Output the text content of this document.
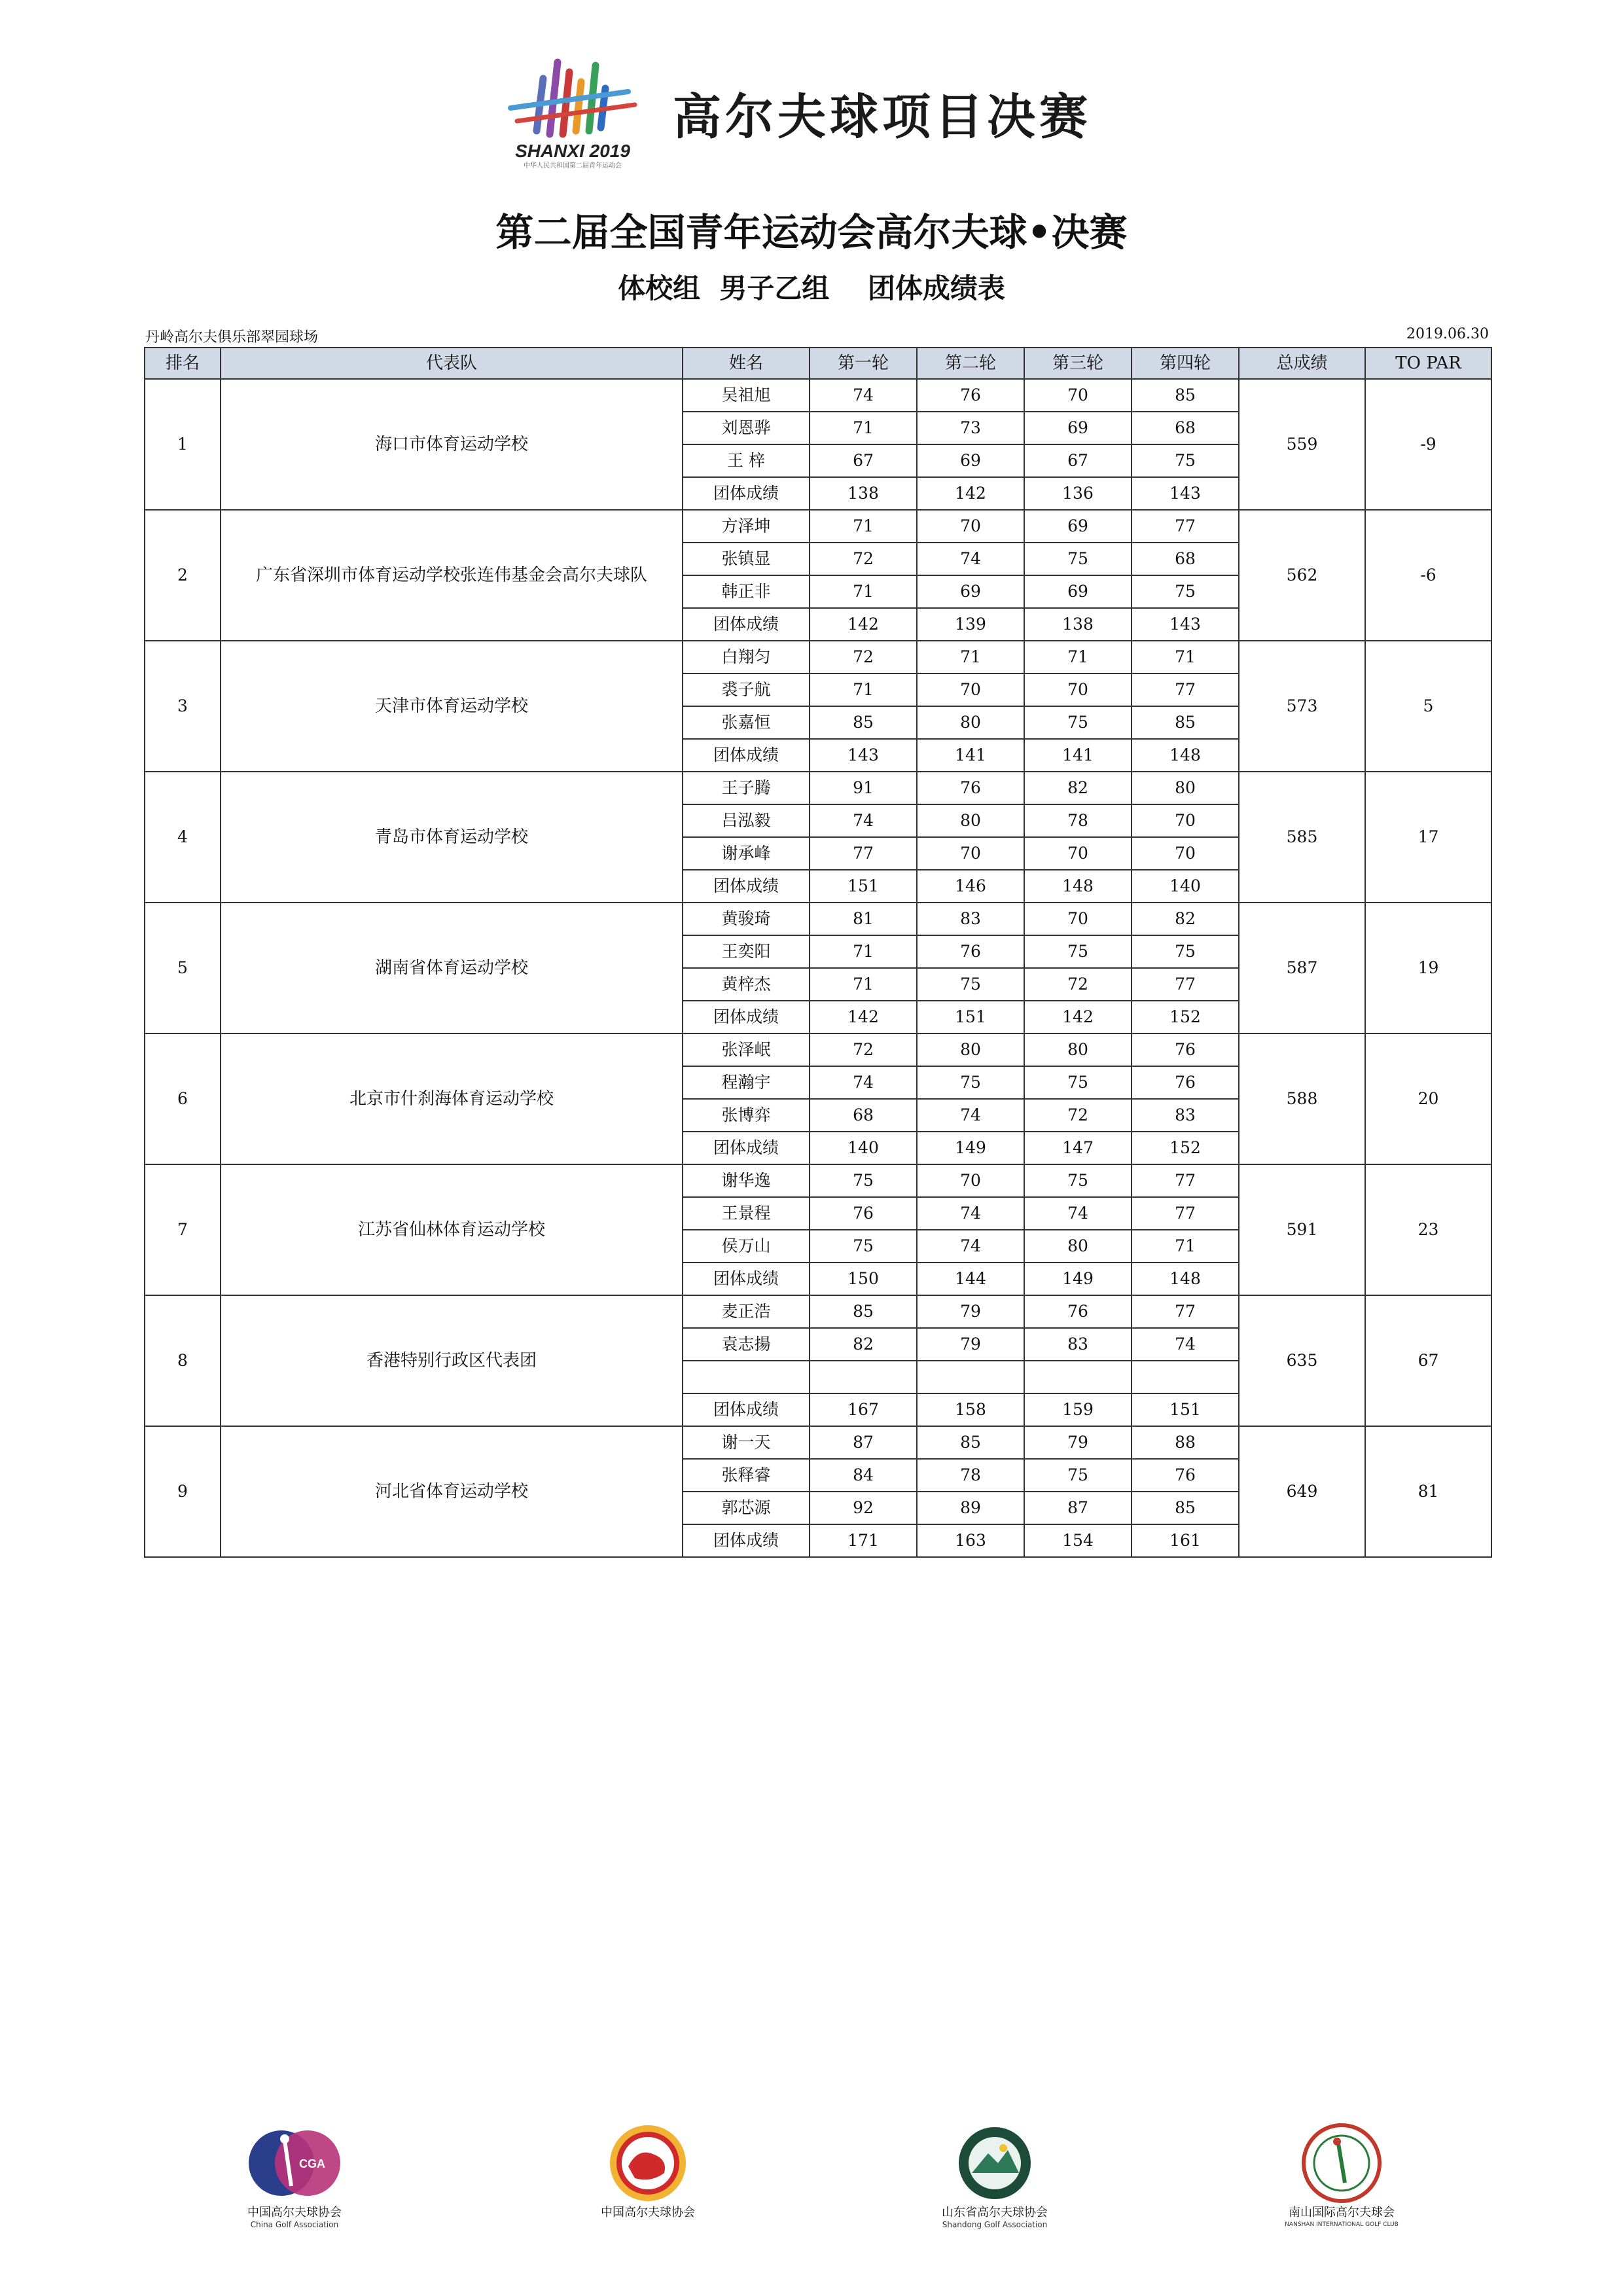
SHANXI 2019
中华人民共和国第二届青年运动会
高尔夫球项目决赛
第二届全国青年运动会高尔夫球•决赛
体校组  男子乙组    团体成绩表
丹岭高尔夫俱乐部翠园球场	2019.06.30
排名	代表队	姓名	第一轮	第二轮	第三轮	第四轮	总成绩	TO PAR
1	海口市体育运动学校	吴祖旭	74	76	70	85	559	-9
		刘恩骅	71	73	69	68		
		王 梓	67	69	67	75		
		团体成绩	138	142	136	143		
2	广东省深圳市体育运动学校张连伟基金会高尔夫球队	方泽坤	71	70	69	77	562	-6
		张镇显	72	74	75	68		
		韩正非	71	69	69	75		
		团体成绩	142	139	138	143		
3	天津市体育运动学校	白翔匀	72	71	71	71	573	5
		裘子航	71	70	70	77		
		张嘉恒	85	80	75	85		
		团体成绩	143	141	141	148		
4	青岛市体育运动学校	王子腾	91	76	82	80	585	17
		吕泓毅	74	80	78	70		
		谢承峰	77	70	70	70		
		团体成绩	151	146	148	140		
5	湖南省体育运动学校	黄骏琦	81	83	70	82	587	19
		王奕阳	71	76	75	75		
		黄梓杰	71	75	72	77		
		团体成绩	142	151	142	152		
6	北京市什刹海体育运动学校	张泽岷	72	80	80	76	588	20
		程瀚宇	74	75	75	76		
		张博弈	68	74	72	83		
		团体成绩	140	149	147	152		
7	江苏省仙林体育运动学校	谢华逸	75	70	75	77	591	23
		王景程	76	74	74	77		
		侯万山	75	74	80	71		
		团体成绩	150	144	149	148		
8	香港特别行政区代表团	麦正浩	85	79	76	77	635	67
		袁志揚	82	79	83	74		

		团体成绩	167	158	159	151		
9	河北省体育运动学校	谢一天	87	85	79	88	649	81
		张释睿	84	78	75	76		
		郭芯源	92	89	87	85		
		团体成绩	171	163	154	161		
CGA
中国高尔夫球协会
China Golf Association
中国高尔夫球协会	山东省高尔夫球协会
Shandong Golf Association
南山国际高尔夫球会
NANSHAN INTERNATIONAL GOLF CLUB
